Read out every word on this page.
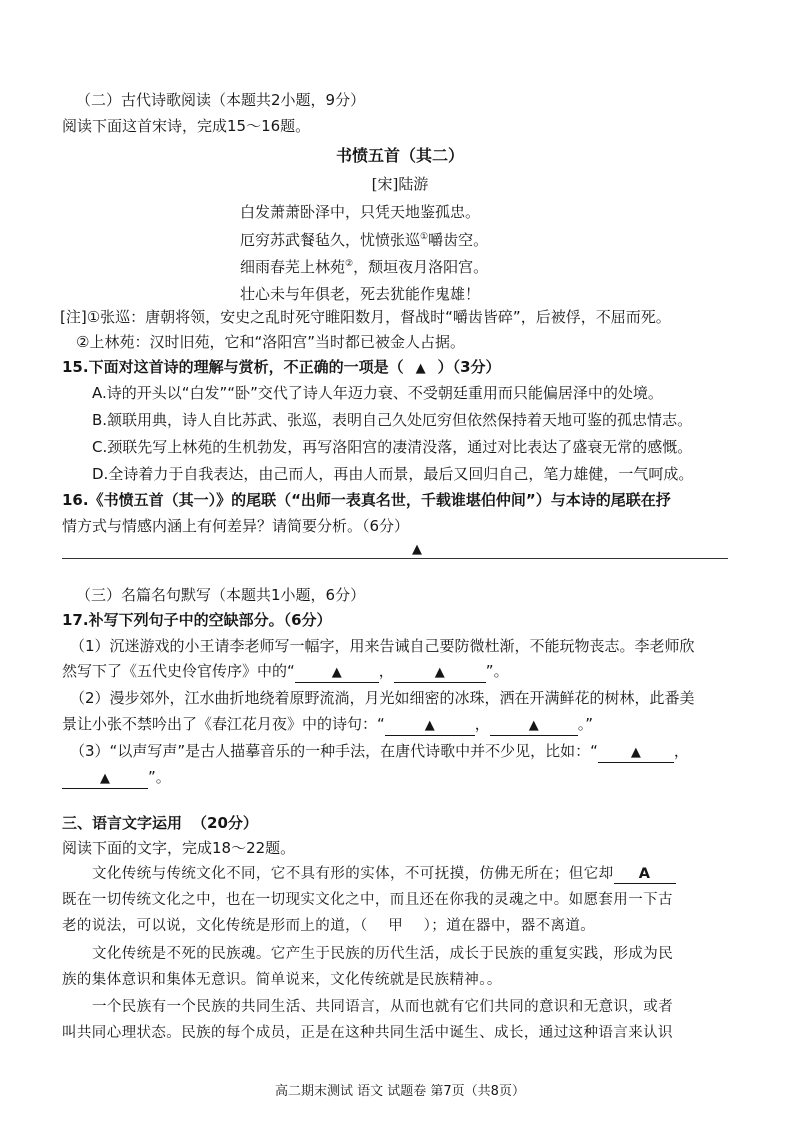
（二）古代诗歌阅读（本题共2小题，9分）
阅读下面这首宋诗，完成15～16题。
书愤五首（其二）
[宋]陆游
白发萧萧卧泽中，只凭天地鉴孤忠。
厄穷苏武餐毡久，忧愤张巡①嚼齿空。
细雨春芜上林苑②，颓垣夜月洛阳宫。
壮心未与年俱老，死去犹能作鬼雄！
[注]①张巡：唐朝将领，安史之乱时死守睢阳数月，督战时“嚼齿皆碎”，后被俘，不屈而死。
②上林苑：汉时旧苑，它和“洛阳宫”当时都已被金人占据。
15.下面对这首诗的理解与赏析，不正确的一项是（ ▲ ）（3分）
A.诗的开头以“白发”“卧”交代了诗人年迈力衰、不受朝廷重用而只能偏居泽中的处境。
B.颔联用典，诗人自比苏武、张巡，表明自己久处厄穷但依然保持着天地可鉴的孤忠情志。
C.颈联先写上林苑的生机勃发，再写洛阳宫的凄清没落，通过对比表达了盛衰无常的感慨。
D.全诗着力于自我表达，由己而人，再由人而景，最后又回归自己，笔力雄健，一气呵成。
16.《书愤五首（其一）》的尾联（“出师一表真名世，千载谁堪伯仲间”）与本诗的尾联在抒
情方式与情感内涵上有何差异？请简要分析。（6分）
▲
（三）名篇名句默写（本题共1小题，6分）
17.补写下列句子中的空缺部分。（6分）
（1）沉迷游戏的小王请李老师写一幅字，用来告诫自己要防微杜渐，不能玩物丧志。李老师欣
然写下了《五代史伶官传序》中的“	▲ ，	▲	”。
（2）漫步郊外，江水曲折地绕着原野流淌，月光如细密的冰珠，洒在开满鲜花的树林，此番美
景让小张不禁吟出了《春江花月夜》中的诗句：“	▲	，	▲	。”
（3）“以声写声”是古人描摹音乐的一种手法，在唐代诗歌中并不少见，比如：“	▲ ，
▲	”。
三、语言文字运用 （20分）
阅读下面的文字，完成18～22题。
文化传统与传统文化不同，它不具有形的实体，不可抚摸，仿佛无所在；但它却 A
既在一切传统文化之中，也在一切现实文化之中，而且还在你我的灵魂之中。如愿套用一下古
老的说法，可以说，文化传统是形而上的道，（ 甲 ）；道在器中，器不离道。
文化传统是不死的民族魂。它产生于民族的历代生活，成长于民族的重复实践，形成为民
族的集体意识和集体无意识。简单说来，文化传统就是民族精神。。
一个民族有一个民族的共同生活、共同语言，从而也就有它们共同的意识和无意识，或者
叫共同心理状态。民族的每个成员，正是在这种共同生活中诞生、成长，通过这种语言来认识
高二期末测试 语文 试题卷 第7页（共8页）
